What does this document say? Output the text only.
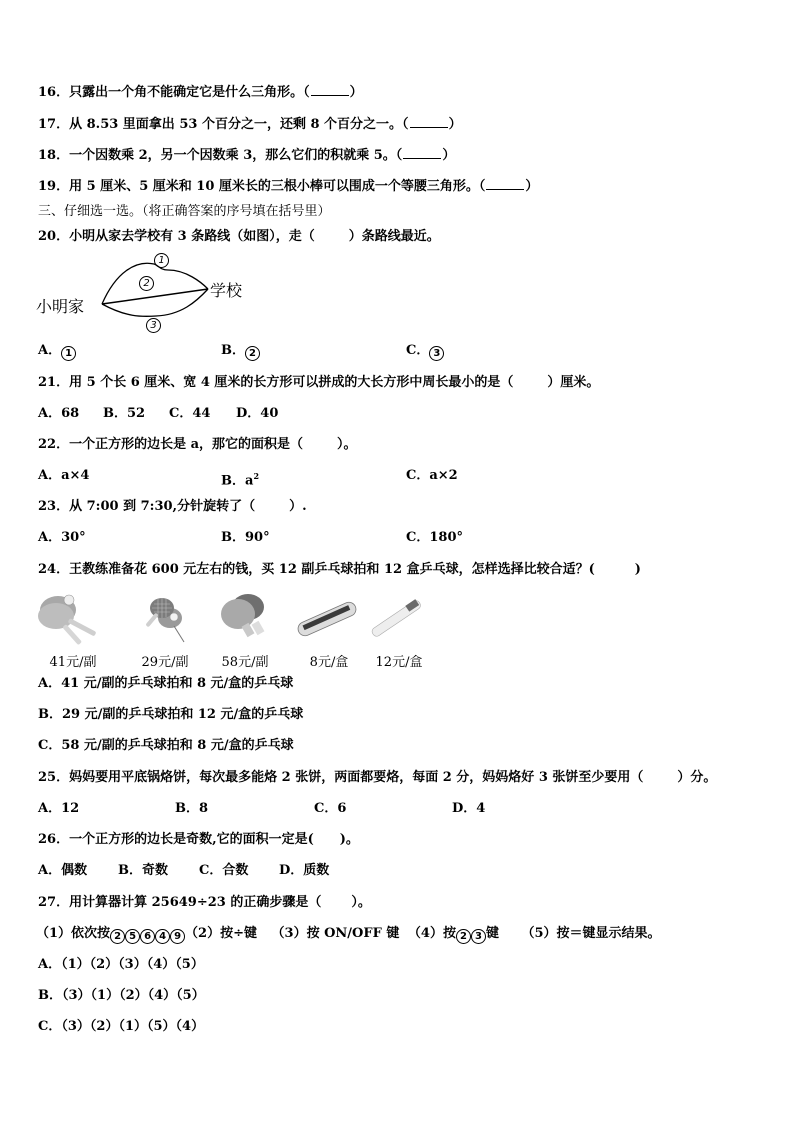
16．只露出一个角不能确定它是什么三角形。（	）
17．从 8.53 里面拿出 53 个百分之一，还剩 8 个百分之一。（	）
18．一个因数乘 2，另一个因数乘 3，那么它们的积就乘 5。（	）
19．用 5 厘米、5 厘米和 10 厘米长的三根小棒可以围成一个等腰三角形。（	）
三、仔细选一选。（将正确答案的序号填在括号里）
20．小明从家去学校有 3 条路线（如图），走（	）条路线最近。
1
2
3
小明家
学校
A． 1	B． 2	C． 3
21．用 5 个长 6 厘米、宽 4 厘米的长方形可以拼成的大长方形中周长最小的是（	）厘米。
A．68 B．52 C．44 D．40
22．一个正方形的边长是 a，那它的面积是（	）。
A．a×4	B．$a^2$	C．a×2
23．从 7:00 到 7:30,分针旋转了（	）.
A．30°	B．90°	C．180°
24．王教练准备花 600 元左右的钱，买 12 副乒乓球拍和 12 盒乒乓球，怎样选择比较合适？(	)
41元/副	29元/副	58元/副	8元/盒	12元/盒
A．41 元/副的乒乓球拍和 8 元/盒的乒乓球
B．29 元/副的乒乓球拍和 12 元/盒的乒乓球
C．58 元/副的乒乓球拍和 8 元/盒的乒乓球
25．妈妈要用平底锅烙饼，每次最多能烙 2 张饼，两面都要烙，每面 2 分，妈妈烙好 3 张饼至少要用（	）分。
A．12	B．8	C．6	D．4
26．一个正方形的边长是奇数,它的面积一定是( )。
A．偶数 B．奇数 C．合数 D．质数
27．用计算器计算 25649÷23 的正确步骤是（ ）。
（1）依次按 2 5 6 4 9 （2）按÷键 （3）按 ON/OFF 键 （4）按 2 3 键 （5）按＝键显示结果。
A．（1）（2）（3）（4）（5）
B．（3）（1）（2）（4）（5）
C．（3）（2）（1）（5）（4）
